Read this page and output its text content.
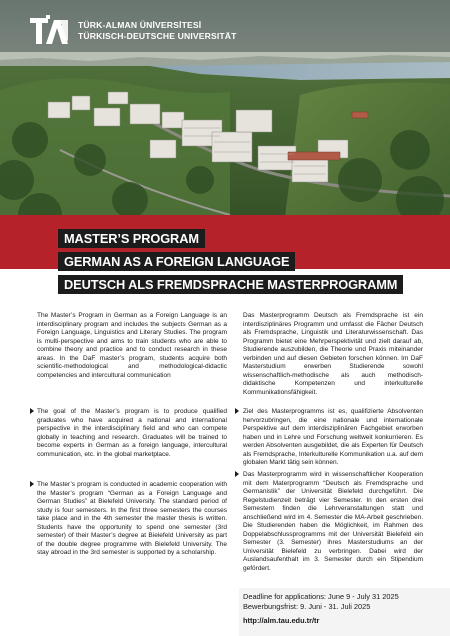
TÜRK-ALMAN ÜNİVERSİTESİ
TÜRKISCH-DEUTSCHE UNIVERSITÄT
MASTER’S PROGRAM
GERMAN AS A FOREIGN LANGUAGE
DEUTSCH ALS FREMDSPRACHE MASTERPROGRAMM

The Master’s Program in German as a Foreign Language is an interdisciplinary program and includes the subjects German as a Foreign Language, Linguistics and Literary Studies. The program is multi-perspective and aims to train students who are able to combine theory and practice and to conduct research in these areas. In the DaF master’s program, students acquire both scientific-methodological and methodological-didactic competencies and intercultural communication

The goal of the Master’s program is to produce qualified graduates who have acquired a national and international perspective in the interdisciplinary field and who can compete globally in teaching and research. Graduates will be trained to become experts in German as a foreign language, intercultural communication, etc. in the global marketplace.

The Master’s program is conducted in academic cooperation with the Master’s program “German as a Foreign Language and German Studies” at Bielefeld University. The standard period of study is four semesters. In the first three semesters the courses take place and in the 4th semester the master thesis is written. Students have the opportunity to spend one semester (3rd semester) of their Master’s degree at Bielefeld University as part of the double degree programme with Bielefeld University. The stay abroad in the 3rd semester is supported by a scholarship.

Das Masterprogramm Deutsch als Fremdsprache ist ein interdisziplinäres Programm und umfasst die Fächer Deutsch als Fremdsprache, Linguistik und Literaturwissenschaft. Das Programm bietet eine Mehrperspektivität und zielt darauf ab, Studierende auszubilden, die Theorie und Praxis miteinander verbinden und auf diesen Gebieten forschen können. Im DaF Masterstudium erwerben Studierende sowohl wissenschaftlich-methodische als auch methodisch-didaktische Kompetenzen und interkulturelle Kommunikationsfähigkeit.

Ziel des Masterprogramms ist es, qualifizierte Absolventen hervorzubringen, die eine nationale und internationale Perspektive auf dem interdisziplinären Fachgebiet erworben haben und in Lehre und Forschung weltweit konkurrieren. Es werden Absolventen ausgebildet, die als Experten für Deutsch als Fremdsprache, Interkulturelle Kommunikation u.a. auf dem globalen Markt tätig sein können.

Das Masterprogramm wird in wissenschaftlicher Kooperation mit dem Materprogramm “Deutsch als Fremdsprache und Germanistik” der Universität Bielefeld durchgeführt. Die Regelstudienzeit beträgt vier Semester. In den ersten drei Semestern finden die Lehrveranstaltungen statt und anschließend wird im 4. Semester die MA-Arbeit geschrieben. Die Studierenden haben die Möglichkeit, im Rahmen des Doppelabschlussprogramms mit der Universität Bielefeld ein Semester (3. Semester) ihres Masterstudiums an der Universität Bielefeld zu verbringen. Dabei wird der Auslandsaufenthalt im 3. Semester durch ein Stipendium gefördert.

Deadline for applications: June 9 - July 31 2025
Bewerbungsfrist: 9. Juni - 31. Juli 2025
http://alm.tau.edu.tr/tr
